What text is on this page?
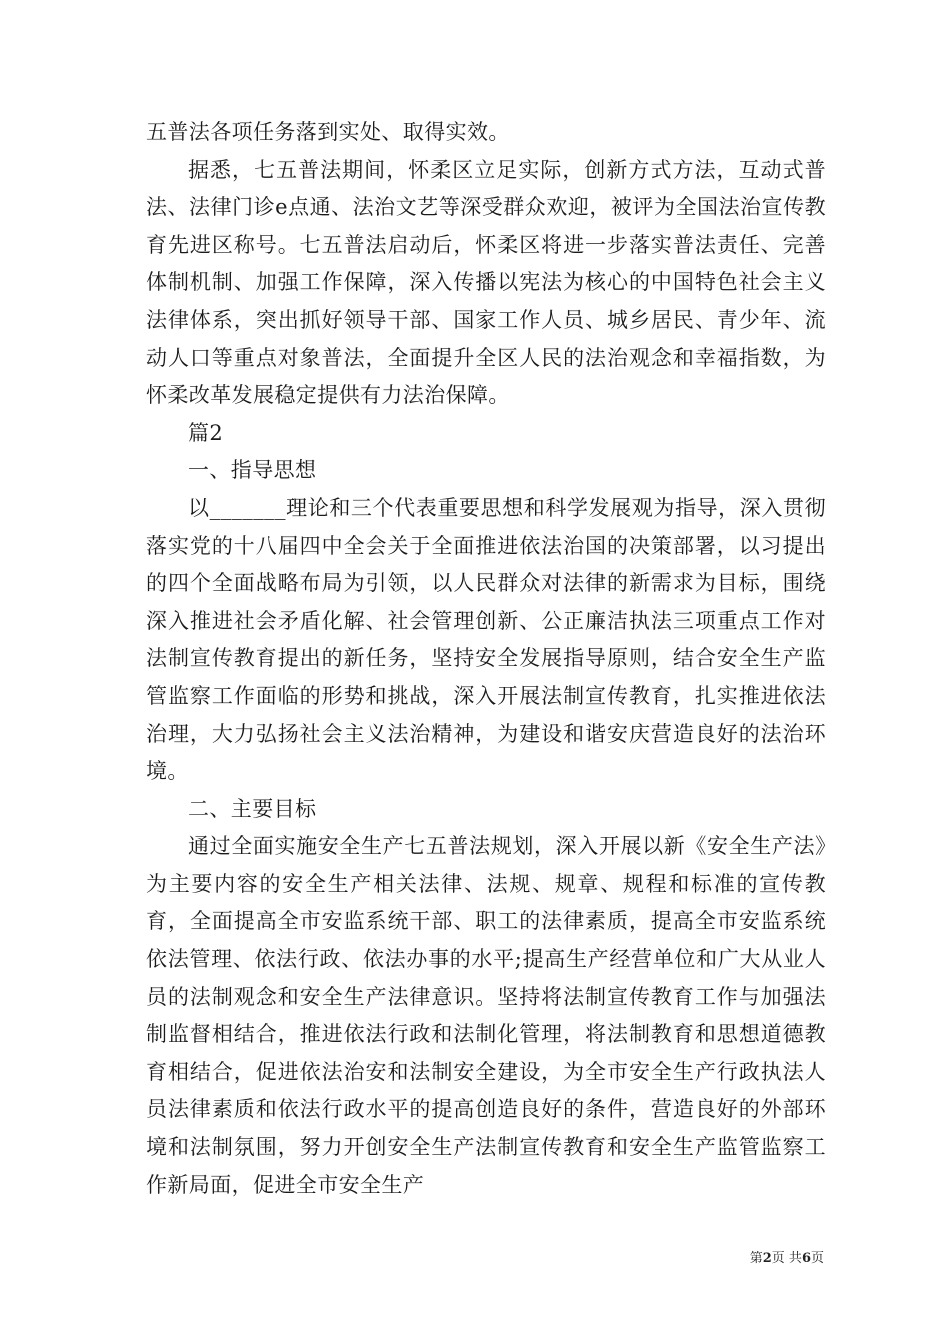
五普法各项任务落到实处、取得实效。

据悉，七五普法期间，怀柔区立足实际，创新方式方法，互动式普法、法律门诊e点通、法治文艺等深受群众欢迎，被评为全国法治宣传教育先进区称号。七五普法启动后，怀柔区将进一步落实普法责任、完善体制机制、加强工作保障，深入传播以宪法为核心的中国特色社会主义法律体系，突出抓好领导干部、国家工作人员、城乡居民、青少年、流动人口等重点对象普法，全面提升全区人民的法治观念和幸福指数，为怀柔改革发展稳定提供有力法治保障。

篇2

一、指导思想

以_______理论和三个代表重要思想和科学发展观为指导，深入贯彻落实党的十八届四中全会关于全面推进依法治国的决策部署，以习提出的四个全面战略布局为引领，以人民群众对法律的新需求为目标，围绕深入推进社会矛盾化解、社会管理创新、公正廉洁执法三项重点工作对法制宣传教育提出的新任务，坚持安全发展指导原则，结合安全生产监管监察工作面临的形势和挑战，深入开展法制宣传教育，扎实推进依法治理，大力弘扬社会主义法治精神，为建设和谐安庆营造良好的法治环境。

二、主要目标

通过全面实施安全生产七五普法规划，深入开展以新《安全生产法》为主要内容的安全生产相关法律、法规、规章、规程和标准的宣传教育，全面提高全市安监系统干部、职工的法律素质，提高全市安监系统依法管理、依法行政、依法办事的水平;提高生产经营单位和广大从业人员的法制观念和安全生产法律意识。坚持将法制宣传教育工作与加强法制监督相结合，推进依法行政和法制化管理，将法制教育和思想道德教育相结合，促进依法治安和法制安全建设，为全市安全生产行政执法人员法律素质和依法行政水平的提高创造良好的条件，营造良好的外部环境和法制氛围，努力开创安全生产法制宣传教育和安全生产监管监察工作新局面，促进全市安全生产

第2页 共6页
